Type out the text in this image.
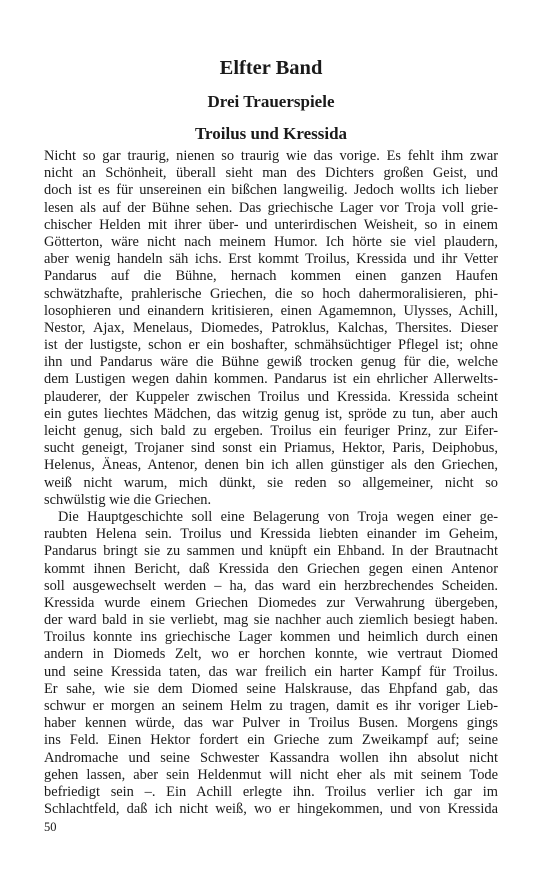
Elfter Band
Drei Trauerspiele
Troilus und Kressida
Nicht so gar traurig, nienen so traurig wie das vorige. Es fehlt ihm zwar
nicht an Schönheit, überall sieht man des Dichters großen Geist, und
doch ist es für unsereinen ein bißchen langweilig. Jedoch wollts ich lieber
lesen als auf der Bühne sehen. Das griechische Lager vor Troja voll grie-
chischer Helden mit ihrer über- und unterirdischen Weisheit, so in einem
Götterton, wäre nicht nach meinem Humor. Ich hörte sie viel plaudern,
aber wenig handeln säh ichs. Erst kommt Troilus, Kressida und ihr Vetter
Pandarus auf die Bühne, hernach kommen einen ganzen Haufen
schwätzhafte, prahlerische Griechen, die so hoch dahermoralisieren, phi-
losophieren und einandern kritisieren, einen Agamemnon, Ulysses, Achill,
Nestor, Ajax, Menelaus, Diomedes, Patroklus, Kalchas, Thersites. Dieser
ist der lustigste, schon er ein boshafter, schmähsüchtiger Pflegel ist; ohne
ihn und Pandarus wäre die Bühne gewiß trocken genug für die, welche
dem Lustigen wegen dahin kommen. Pandarus ist ein ehrlicher Allerwelts-
plauderer, der Kuppeler zwischen Troilus und Kressida. Kressida scheint
ein gutes liechtes Mädchen, das witzig genug ist, spröde zu tun, aber auch
leicht genug, sich bald zu ergeben. Troilus ein feuriger Prinz, zur Eifer-
sucht geneigt, Trojaner sind sonst ein Priamus, Hektor, Paris, Deiphobus,
Helenus, Äneas, Antenor, denen bin ich allen günstiger als den Griechen,
weiß nicht warum, mich dünkt, sie reden so allgemeiner, nicht so
schwülstig wie die Griechen.
Die Hauptgeschichte soll eine Belagerung von Troja wegen einer ge-
raubten Helena sein. Troilus und Kressida liebten einander im Geheim,
Pandarus bringt sie zu sammen und knüpft ein Ehband. In der Brautnacht
kommt ihnen Bericht, daß Kressida den Griechen gegen einen Antenor
soll ausgewechselt werden – ha, das ward ein herzbrechendes Scheiden.
Kressida wurde einem Griechen Diomedes zur Verwahrung übergeben,
der ward bald in sie verliebt, mag sie nachher auch ziemlich besiegt haben.
Troilus konnte ins griechische Lager kommen und heimlich durch einen
andern in Diomeds Zelt, wo er horchen konnte, wie vertraut Diomed
und seine Kressida taten, das war freilich ein harter Kampf für Troilus.
Er sahe, wie sie dem Diomed seine Halskrause, das Ehpfand gab, das
schwur er morgen an seinem Helm zu tragen, damit es ihr voriger Lieb-
haber kennen würde, das war Pulver in Troilus Busen. Morgens gings
ins Feld. Einen Hektor fordert ein Grieche zum Zweikampf auf; seine
Andromache und seine Schwester Kassandra wollen ihn absolut nicht
gehen lassen, aber sein Heldenmut will nicht eher als mit seinem Tode
befriedigt sein –. Ein Achill erlegte ihn. Troilus verlier ich gar im
Schlachtfeld, daß ich nicht weiß, wo er hingekommen, und von Kressida
50
